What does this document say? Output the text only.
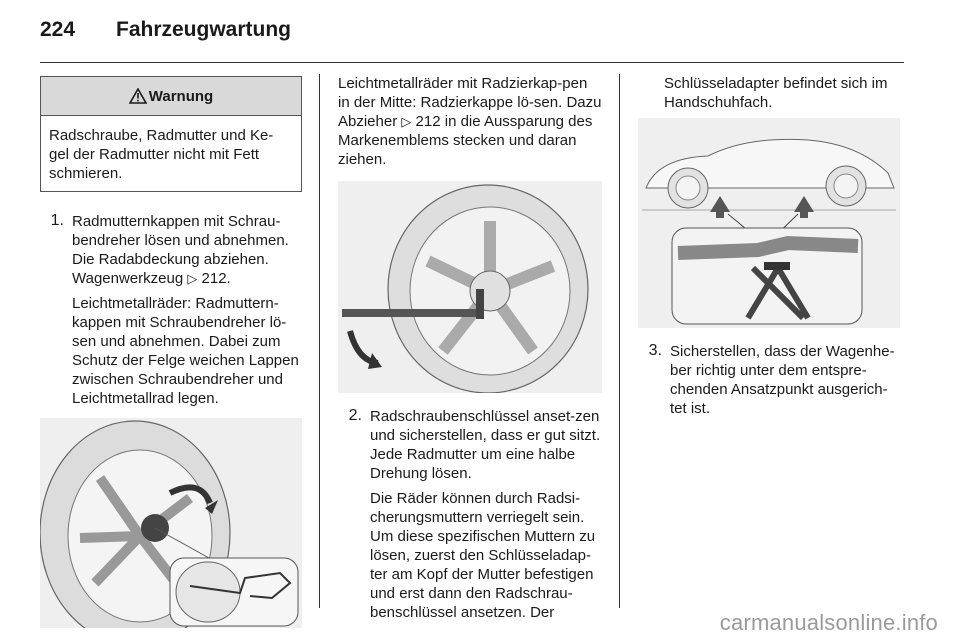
224 Fahrzeugwartung
Warnung
Radschraube, Radmutter und Ke-gel der Radmutter nicht mit Fett schmieren.
1. Radmutternkappen mit Schrau-bendreher lösen und abnehmen. Die Radabdeckung abziehen. Wagenwerkzeug ▷ 212.

Leichtmetallräder: Radmuttern-kappen mit Schraubendreher lö-sen und abnehmen. Dabei zum Schutz der Felge weichen Lappen zwischen Schraubendreher und Leichtmetallrad legen.

Leichtmetallräder mit Radzierkap-pen in der Mitte: Radzierkappe lö-sen. Dazu Abzieher ▷ 212 in die Aussparung des Markenemblems stecken und daran ziehen.

2. Radschraubenschlüssel anset-zen und sicherstellen, dass er gut sitzt. Jede Radmutter um eine halbe Drehung lösen.

Die Räder können durch Radsi-cherungsmuttern verriegelt sein. Um diese spezifischen Muttern zu lösen, zuerst den Schlüsseladap-ter am Kopf der Mutter befestigen und erst dann den Radschrau-benschlüssel ansetzen. Der

Schlüsseladapter befindet sich im Handschuhfach.

3. Sicherstellen, dass der Wagenhe-ber richtig unter dem entspre-chenden Ansatzpunkt ausgerich-tet ist.

carmanualsonline.info
